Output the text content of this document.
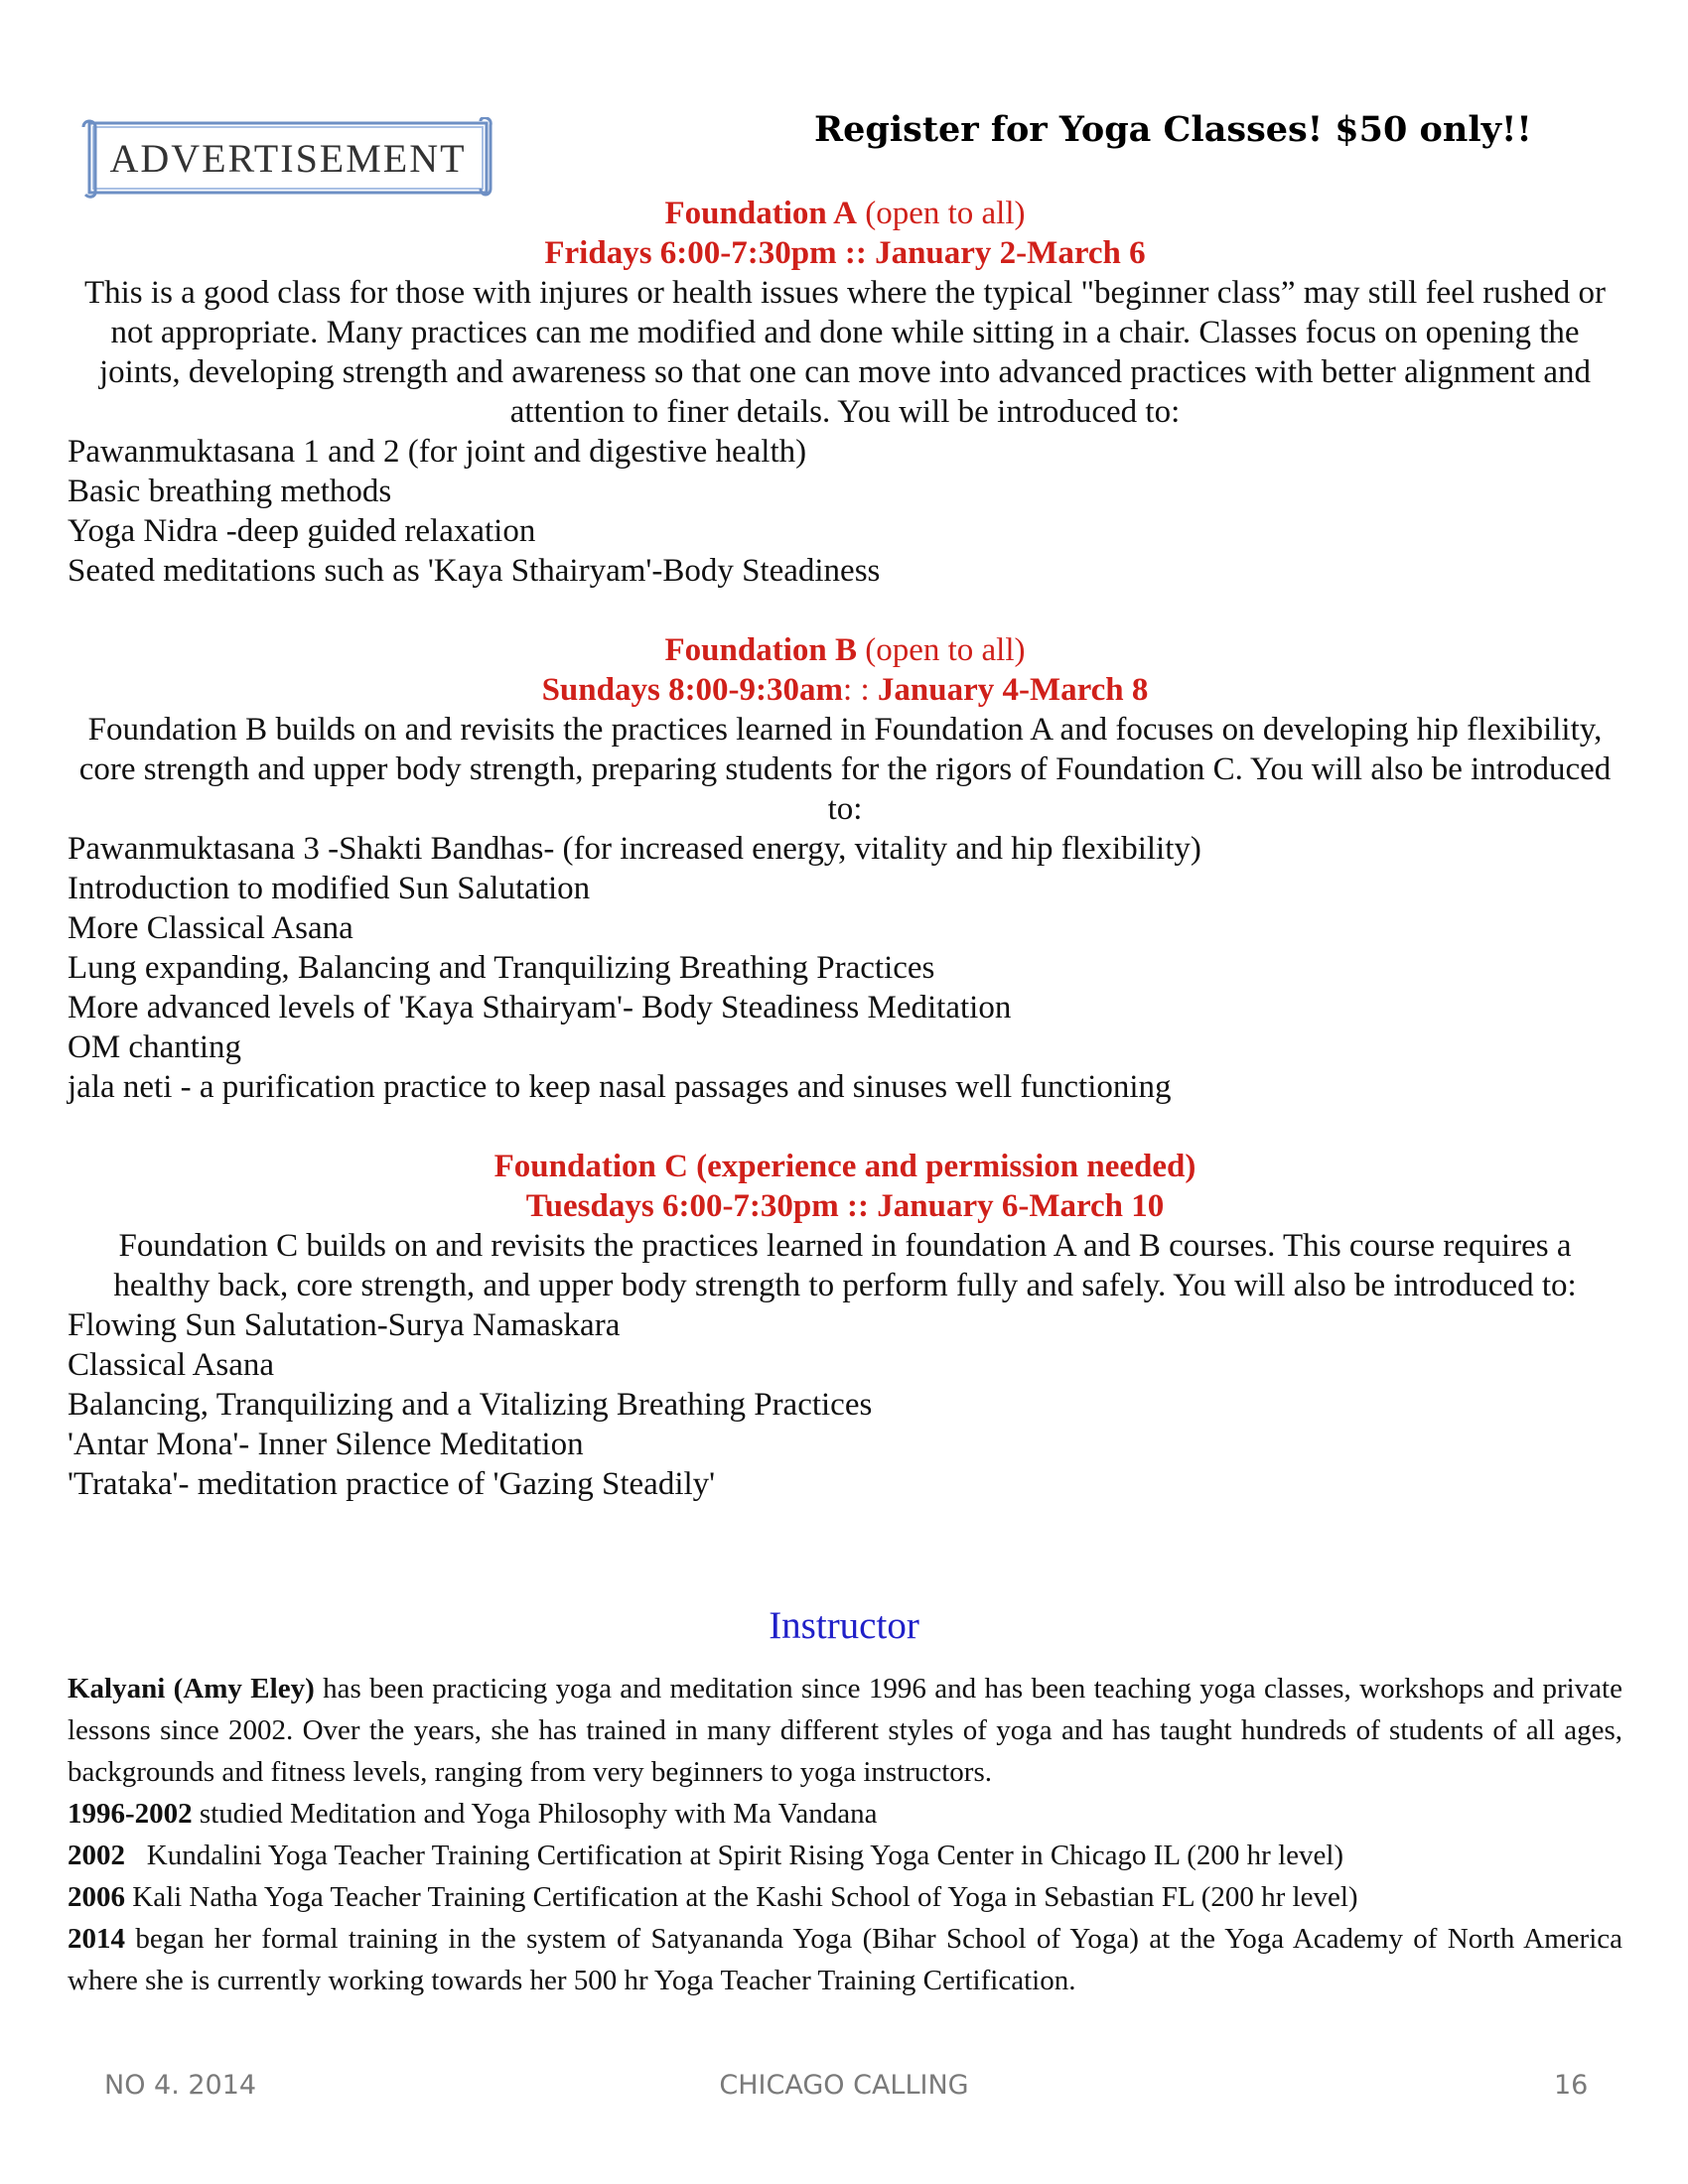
ADVERTISEMENT
Register for Yoga Classes! $50 only!!
Foundation A (open to all)
Fridays 6:00-7:30pm :: January 2-March 6
This is a good class for those with injures or health issues where the typical "beginner class” may still feel rushed or not appropriate. Many practices can me modified and done while sitting in a chair. Classes focus on opening the joints, developing strength and awareness so that one can move into advanced practices with better alignment and attention to finer details. You will be introduced to:
Pawanmuktasana 1 and 2 (for joint and digestive health)
Basic breathing methods
Yoga Nidra -deep guided relaxation
Seated meditations such as 'Kaya Sthairyam'-Body Steadiness
Foundation B (open to all)
Sundays 8:00-9:30am: : January 4-March 8
Foundation B builds on and revisits the practices learned in Foundation A and focuses on developing hip flexibility, core strength and upper body strength, preparing students for the rigors of Foundation C. You will also be introduced to:
Pawanmuktasana 3 -Shakti Bandhas- (for increased energy, vitality and hip flexibility)
Introduction to modified Sun Salutation
More Classical Asana
Lung expanding, Balancing and Tranquilizing Breathing Practices
More advanced levels of 'Kaya Sthairyam'- Body Steadiness Meditation
OM chanting
jala neti - a purification practice to keep nasal passages and sinuses well functioning
Foundation C (experience and permission needed)
Tuesdays 6:00-7:30pm :: January 6-March 10
Foundation C builds on and revisits the practices learned in foundation A and B courses. This course requires a healthy back, core strength, and upper body strength to perform fully and safely. You will also be introduced to:
Flowing Sun Salutation-Surya Namaskara
Classical Asana
Balancing, Tranquilizing and a Vitalizing Breathing Practices
'Antar Mona'- Inner Silence Meditation
'Trataka'- meditation practice of 'Gazing Steadily'
Instructor

Kalyani (Amy Eley) has been practicing yoga and meditation since 1996 and has been teaching yoga classes, workshops and private lessons since 2002. Over the years, she has trained in many different styles of yoga and has taught hundreds of students of all ages, backgrounds and fitness levels, ranging from very beginners to yoga instructors.

1996-2002 studied Meditation and Yoga Philosophy with Ma Vandana

2002   Kundalini Yoga Teacher Training Certification at Spirit Rising Yoga Center in Chicago IL (200 hr level)

2006 Kali Natha Yoga Teacher Training Certification at the Kashi School of Yoga in Sebastian FL (200 hr level)

2014 began her formal training in the system of Satyananda Yoga (Bihar School of Yoga) at the Yoga Academy of North America where she is currently working towards her 500 hr Yoga Teacher Training Certification.

NO 4. 2014	CHICAGO CALLING	16
